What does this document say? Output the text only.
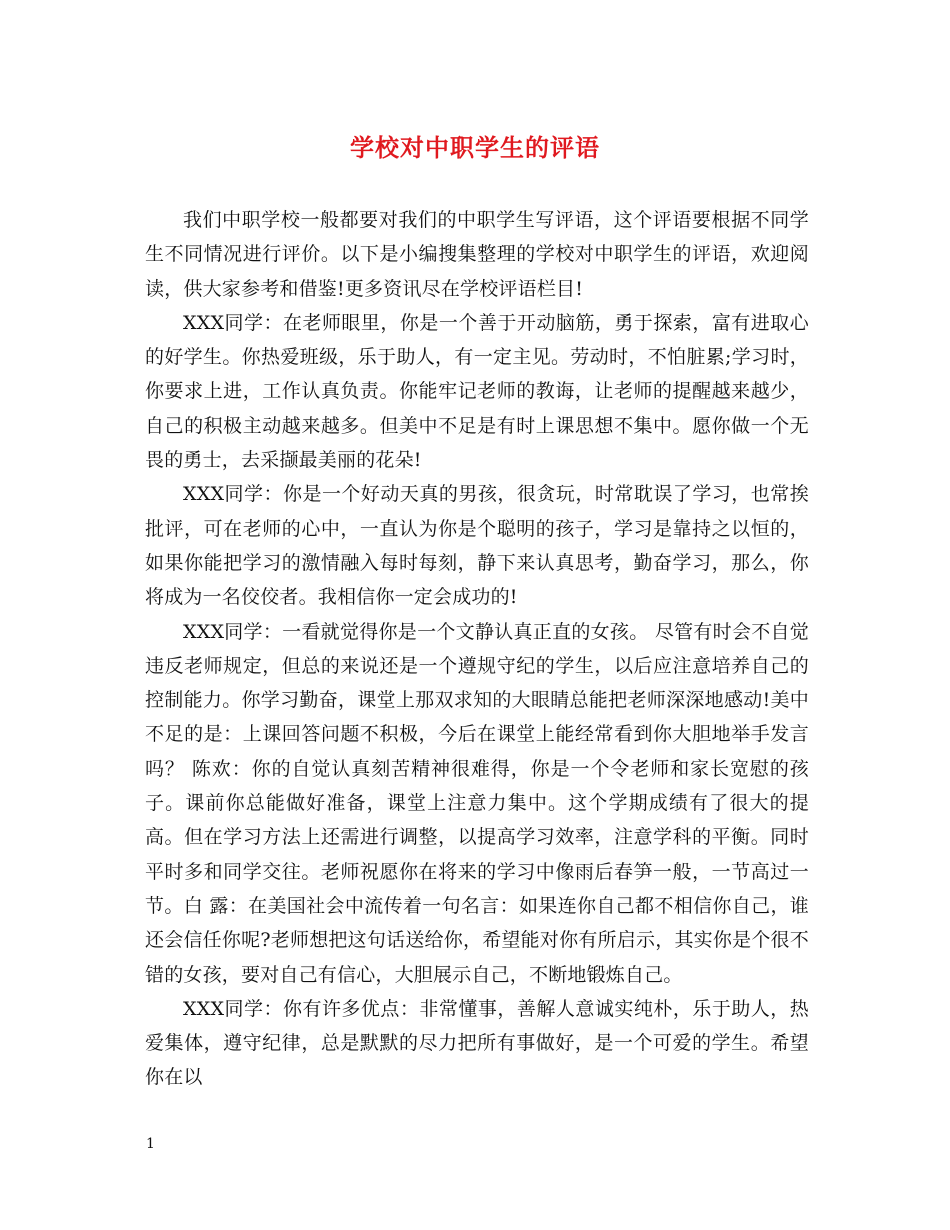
学校对中职学生的评语

我们中职学校一般都要对我们的中职学生写评语，这个评语要根据不同学生不同情况进行评价。以下是小编搜集整理的学校对中职学生的评语，欢迎阅读，供大家参考和借鉴!更多资讯尽在学校评语栏目!

XXX同学：在老师眼里，你是一个善于开动脑筋，勇于探索，富有进取心的好学生。你热爱班级，乐于助人，有一定主见。劳动时，不怕脏累;学习时，你要求上进，工作认真负责。你能牢记老师的教诲，让老师的提醒越来越少，自己的积极主动越来越多。但美中不足是有时上课思想不集中。愿你做一个无畏的勇士，去采撷最美丽的花朵!

XXX同学：你是一个好动天真的男孩，很贪玩，时常耽误了学习，也常挨批评，可在老师的心中，一直认为你是个聪明的孩子，学习是靠持之以恒的，如果你能把学习的激情融入每时每刻，静下来认真思考，勤奋学习，那么，你将成为一名佼佼者。我相信你一定会成功的!

XXX同学：一看就觉得你是一个文静认真正直的女孩。 尽管有时会不自觉违反老师规定，但总的来说还是一个遵规守纪的学生，以后应注意培养自己的控制能力。你学习勤奋，课堂上那双求知的大眼睛总能把老师深深地感动!美中不足的是：上课回答问题不积极，今后在课堂上能经常看到你大胆地举手发言吗？ 陈欢：你的自觉认真刻苦精神很难得，你是一个令老师和家长宽慰的孩子。课前你总能做好准备，课堂上注意力集中。这个学期成绩有了很大的提高。但在学习方法上还需进行调整，以提高学习效率，注意学科的平衡。同时平时多和同学交往。老师祝愿你在将来的学习中像雨后春笋一般，一节高过一节。白 露：在美国社会中流传着一句名言：如果连你自己都不相信你自己，谁还会信任你呢?老师想把这句话送给你，希望能对你有所启示，其实你是个很不错的女孩，要对自己有信心，大胆展示自己，不断地锻炼自己。

XXX同学：你有许多优点：非常懂事，善解人意诚实纯朴，乐于助人，热爱集体，遵守纪律，总是默默的尽力把所有事做好，是一个可爱的学生。希望你在以

1
